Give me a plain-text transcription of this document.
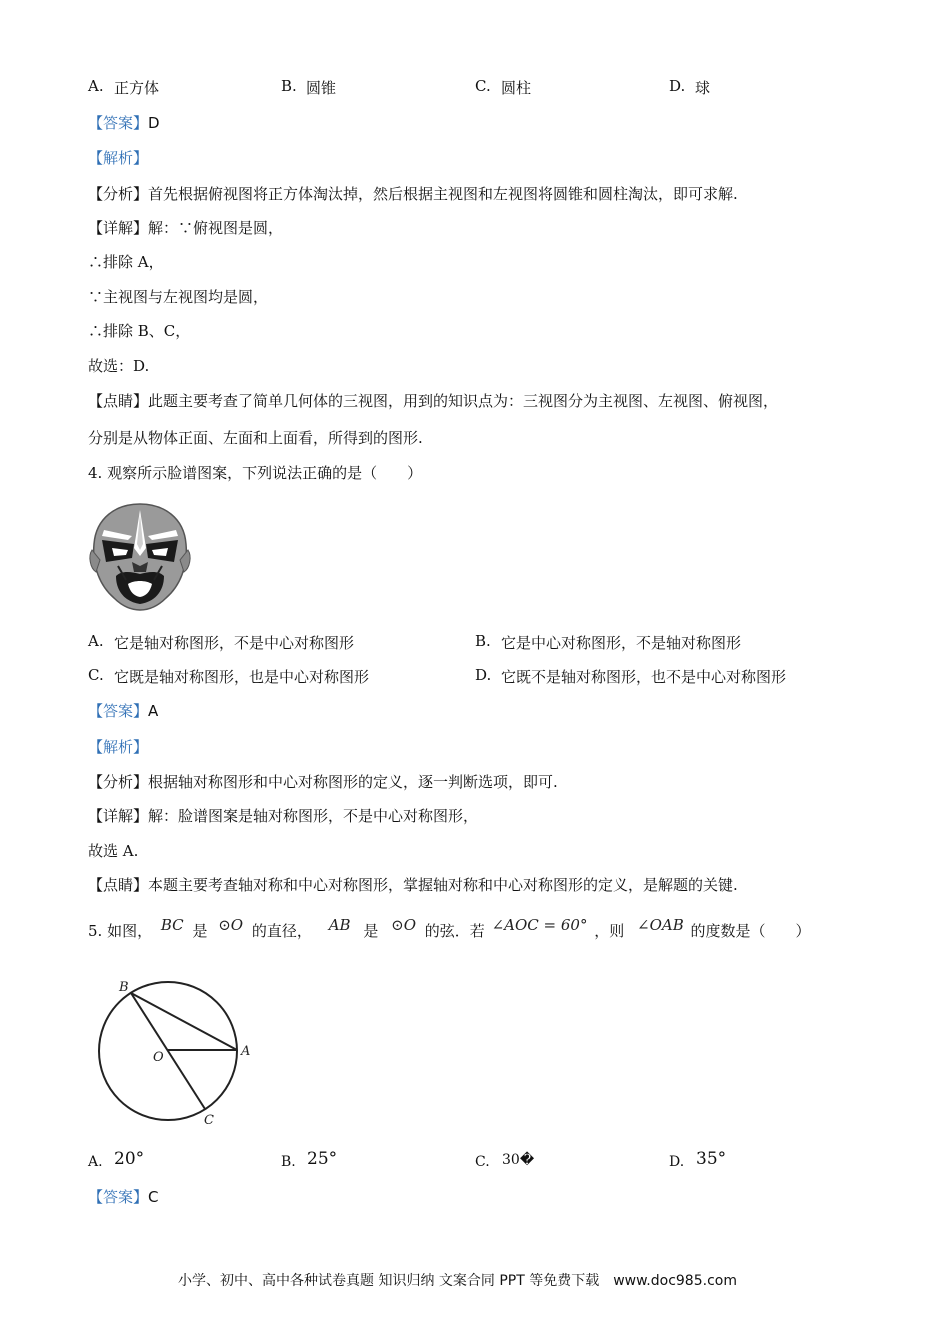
A. 正方体	B. 圆锥	C. 圆柱	D. 球
【答案】D
【解析】
【分析】首先根据俯视图将正方体淘汰掉，然后根据主视图和左视图将圆锥和圆柱淘汰，即可求解.
【详解】解：∵俯视图是圆，
∴排除 A，
∵主视图与左视图均是圆，
∴排除 B、C，
故选：D.
【点睛】此题主要考查了简单几何体的三视图，用到的知识点为：三视图分为主视图、左视图、俯视图，
分别是从物体正面、左面和上面看，所得到的图形.
4. 观察所示脸谱图案，下列说法正确的是（　　）
A. 它是轴对称图形，不是中心对称图形	B. 它是中心对称图形，不是轴对称图形
C. 它既是轴对称图形，也是中心对称图形	D. 它既不是轴对称图形，也不是中心对称图形
【答案】A
【解析】
【分析】根据轴对称图形和中心对称图形的定义，逐一判断选项，即可.
【详解】解：脸谱图案是轴对称图形，不是中心对称图形，
故选 A.
【点睛】本题主要考查轴对称和中心对称图形，掌握轴对称和中心对称图形的定义，是解题的关键.
5. 如图， BC 是 ⊙O 的直径， AB 是 ⊙O 的弦．若 ∠AOC = 60° ，则 ∠OAB 的度数是（　　）
B
O	A
C
A. 20°	B. 25°	C. 30�	D. 35°
【答案】C
小学、初中、高中各种试卷真题 知识归纳 文案合同 PPT 等免费下载　www.doc985.com
